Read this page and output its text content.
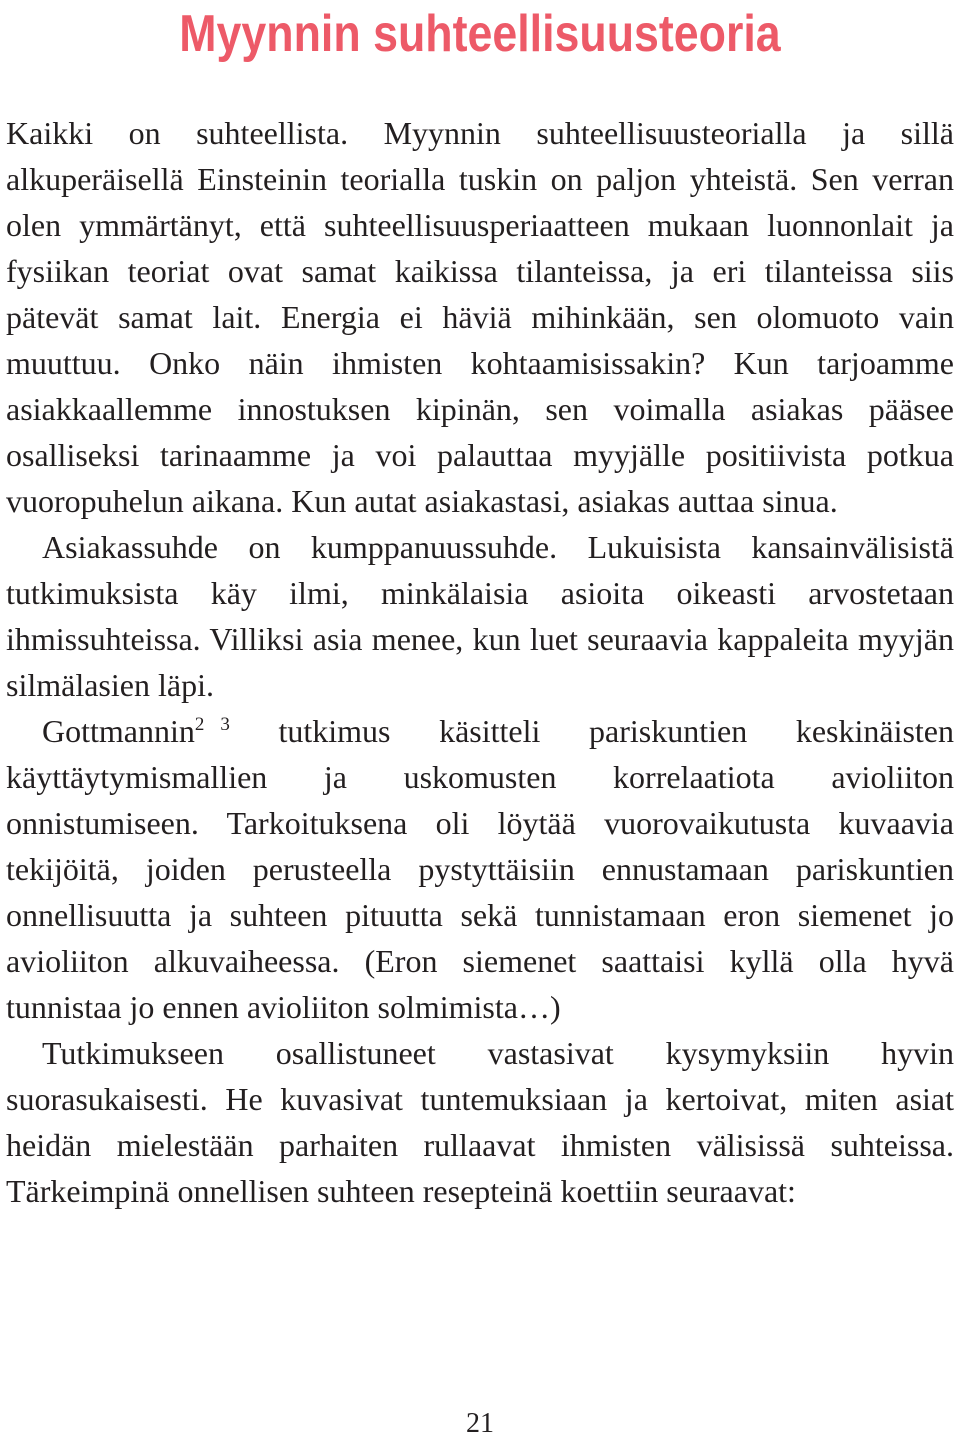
Myynnin suhteellisuusteoria

Kaikki on suhteellista. Myynnin suhteellisuusteorialla ja sillä alkuperäisellä Einsteinin teorialla tuskin on paljon yhteistä. Sen verran olen ymmärtänyt, että suhteellisuusperiaatteen mukaan luonnonlait ja fysiikan teoriat ovat samat kaikissa tilanteissa, ja eri tilanteissa siis pätevät samat lait. Energia ei häviä mihinkään, sen olomuoto vain muuttuu. Onko näin ihmisten kohtaamisissakin? Kun tarjoamme asiakkaallemme innostuksen kipinän, sen voimalla asiakas pääsee osalliseksi tarinaamme ja voi palauttaa myyjälle positiivista potkua vuoropuhelun aikana. Kun autat asiakastasi, asiakas auttaa sinua.

Asiakassuhde on kumppanuussuhde. Lukuisista kansainvälisistä tutkimuksista käy ilmi, minkälaisia asioita oikeasti arvostetaan ihmissuhteissa. Villiksi asia menee, kun luet seuraavia kappaleita myyjän silmälasien läpi.

Gottmannin$^2$ $^3$ tutkimus käsitteli pariskuntien keskinäisten käyttäytymismallien ja uskomusten korrelaatiota avioliiton onnistumiseen. Tarkoituksena oli löytää vuorovaikutusta kuvaavia tekijöitä, joiden perusteella pystyttäisiin ennustamaan pariskuntien onnellisuutta ja suhteen pituutta sekä tunnistamaan eron siemenet jo avioliiton alkuvaiheessa. (Eron siemenet saattaisi kyllä olla hyvä tunnistaa jo ennen avioliiton solmimista…)

Tutkimukseen osallistuneet vastasivat kysymyksiin hyvin suorasukaisesti. He kuvasivat tuntemuksiaan ja kertoivat, miten asiat heidän mielestään parhaiten rullaavat ihmisten välisissä suhteissa. Tärkeimpinä onnellisen suhteen resepteinä koettiin seuraavat:

21
